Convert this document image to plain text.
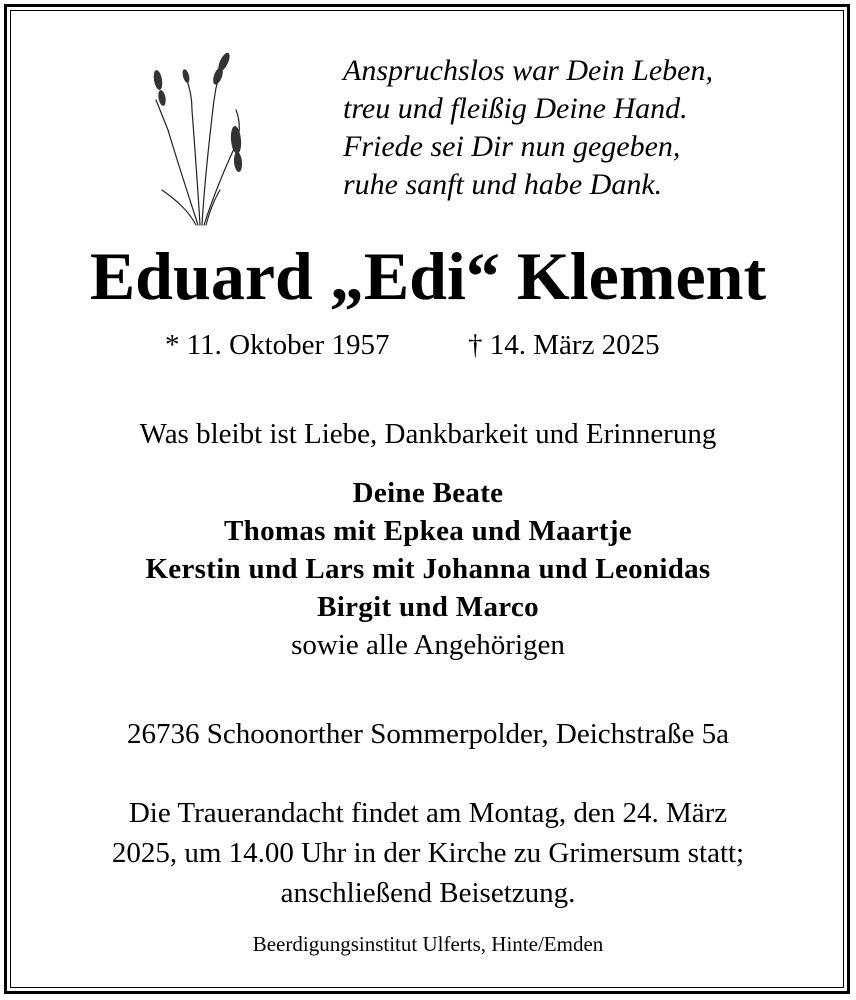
Anspruchslos war Dein Leben,
treu und fleißig Deine Hand.
Friede sei Dir nun gegeben,
ruhe sanft und habe Dank.
Eduard „Edi“ Klement
* 11. Oktober 1957	† 14. März 2025
Was bleibt ist Liebe, Dankbarkeit und Erinnerung
Deine Beate
Thomas mit Epkea und Maartje
Kerstin und Lars mit Johanna und Leonidas
Birgit und Marco
sowie alle Angehörigen
26736 Schoonorther Sommerpolder, Deichstraße 5a
Die Trauerandacht findet am Montag, den 24. März
2025, um 14.00 Uhr in der Kirche zu Grimersum statt;
anschließend Beisetzung.
Beerdigungsinstitut Ulferts, Hinte/Emden
